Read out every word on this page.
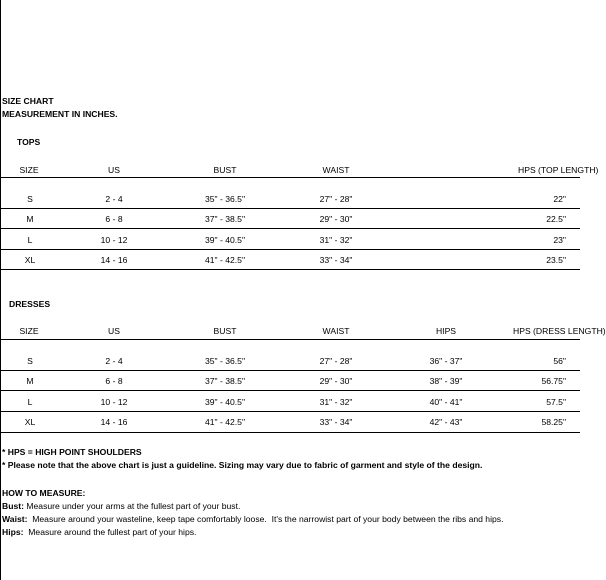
SIZE CHART
MEASUREMENT IN INCHES.
TOPS
SIZE	US	BUST	WAIST	HPS (TOP LENGTH)
S	2 - 4	35" - 36.5"	27" - 28"	22"
M	6 - 8	37" - 38.5"	29" - 30"	22.5"
L	10 - 12	39" - 40.5"	31" - 32"	23"
XL	14 - 16	41" - 42.5"	33" - 34"	23.5"
DRESSES
SIZE	US	BUST	WAIST	HIPS	HPS (DRESS LENGTH)
S	2 - 4	35" - 36.5"	27" - 28"	36" - 37"	56"
M	6 - 8	37" - 38.5"	29" - 30"	38" - 39"	56.75"
L	10 - 12	39" - 40.5"	31" - 32"	40" - 41"	57.5"
XL	14 - 16	41" - 42.5"	33" - 34"	42" - 43"	58.25"
* HPS = HIGH POINT SHOULDERS
* Please note that the above chart is just a guideline. Sizing may vary due to fabric of garment and style of the design.
HOW TO MEASURE:
Bust: Measure under your arms at the fullest part of your bust.
Waist:  Measure around your wasteline, keep tape comfortably loose.  It's the narrowist part of your body between the ribs and hips.
Hips:  Measure around the fullest part of your hips.
